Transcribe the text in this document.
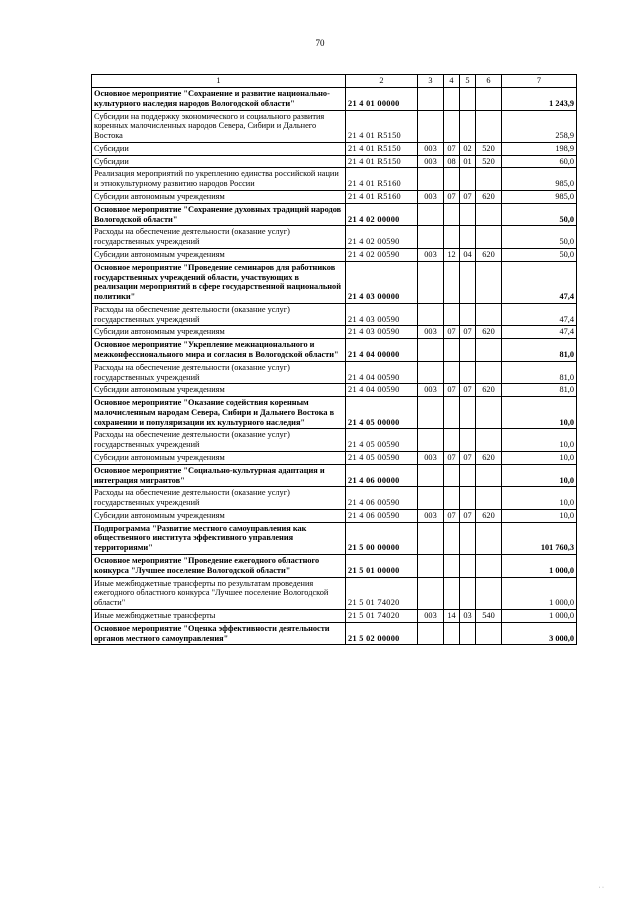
70
1	2	3	4	5	6	7
Основное мероприятие "Сохранение и развитие национально-культурного наследия народов Вологодской области"	21 4 01 00000					1 243,9
Субсидии на поддержку экономического и социального развития коренных малочисленных народов Севера, Сибири и Дальнего Востока	21 4 01 R5150					258,9
Субсидии	21 4 01 R5150	003	07	02	520	198,9
Субсидии	21 4 01 R5150	003	08	01	520	60,0
Реализация мероприятий по укреплению единства российской нации и этнокультурному развитию народов России	21 4 01 R5160					985,0
Субсидии автономным учреждениям	21 4 01 R5160	003	07	07	620	985,0
Основное мероприятие "Сохранение духовных традиций народов Вологодской области"	21 4 02 00000					50,0
Расходы на обеспечение деятельности (оказание услуг) государственных учреждений	21 4 02 00590					50,0
Субсидии автономным учреждениям	21 4 02 00590	003	12	04	620	50,0
Основное мероприятие "Проведение семинаров для работников государственных учреждений области, участвующих в реализации мероприятий в сфере государственной национальной политики"	21 4 03 00000					47,4
Расходы на обеспечение деятельности (оказание услуг) государственных учреждений	21 4 03 00590					47,4
Субсидии автономным учреждениям	21 4 03 00590	003	07	07	620	47,4
Основное мероприятие "Укрепление межнационального и межконфессионального мира и согласия в Вологодской области"	21 4 04 00000					81,0
Расходы на обеспечение деятельности (оказание услуг) государственных учреждений	21 4 04 00590					81,0
Субсидии автономным учреждениям	21 4 04 00590	003	07	07	620	81,0
Основное мероприятие "Оказание содействия коренным малочисленным народам Севера, Сибири и Дальнего Востока в сохранении и популяризации их культурного наследия"	21 4 05 00000					10,0
Расходы на обеспечение деятельности (оказание услуг) государственных учреждений	21 4 05 00590					10,0
Субсидии автономным учреждениям	21 4 05 00590	003	07	07	620	10,0
Основное мероприятие "Социально-культурная адаптация и интеграция мигрантов"	21 4 06 00000					10,0
Расходы на обеспечение деятельности (оказание услуг) государственных учреждений	21 4 06 00590					10,0
Субсидии автономным учреждениям	21 4 06 00590	003	07	07	620	10,0
Подпрограмма "Развитие местного самоуправления как общественного института эффективного управления территориями"	21 5 00 00000					101 760,3
Основное мероприятие "Проведение ежегодного областного конкурса "Лучшее поселение Вологодской области"	21 5 01 00000					1 000,0
Иные межбюджетные трансферты по результатам проведения ежегодного областного конкурса "Лучшее поселение Вологодской области"	21 5 01 74020					1 000,0
Иные межбюджетные трансферты	21 5 01 74020	003	14	03	540	1 000,0
Основное мероприятие "Оценка эффективности деятельности органов местного самоуправления"	21 5 02 00000					3 000,0
· ·
